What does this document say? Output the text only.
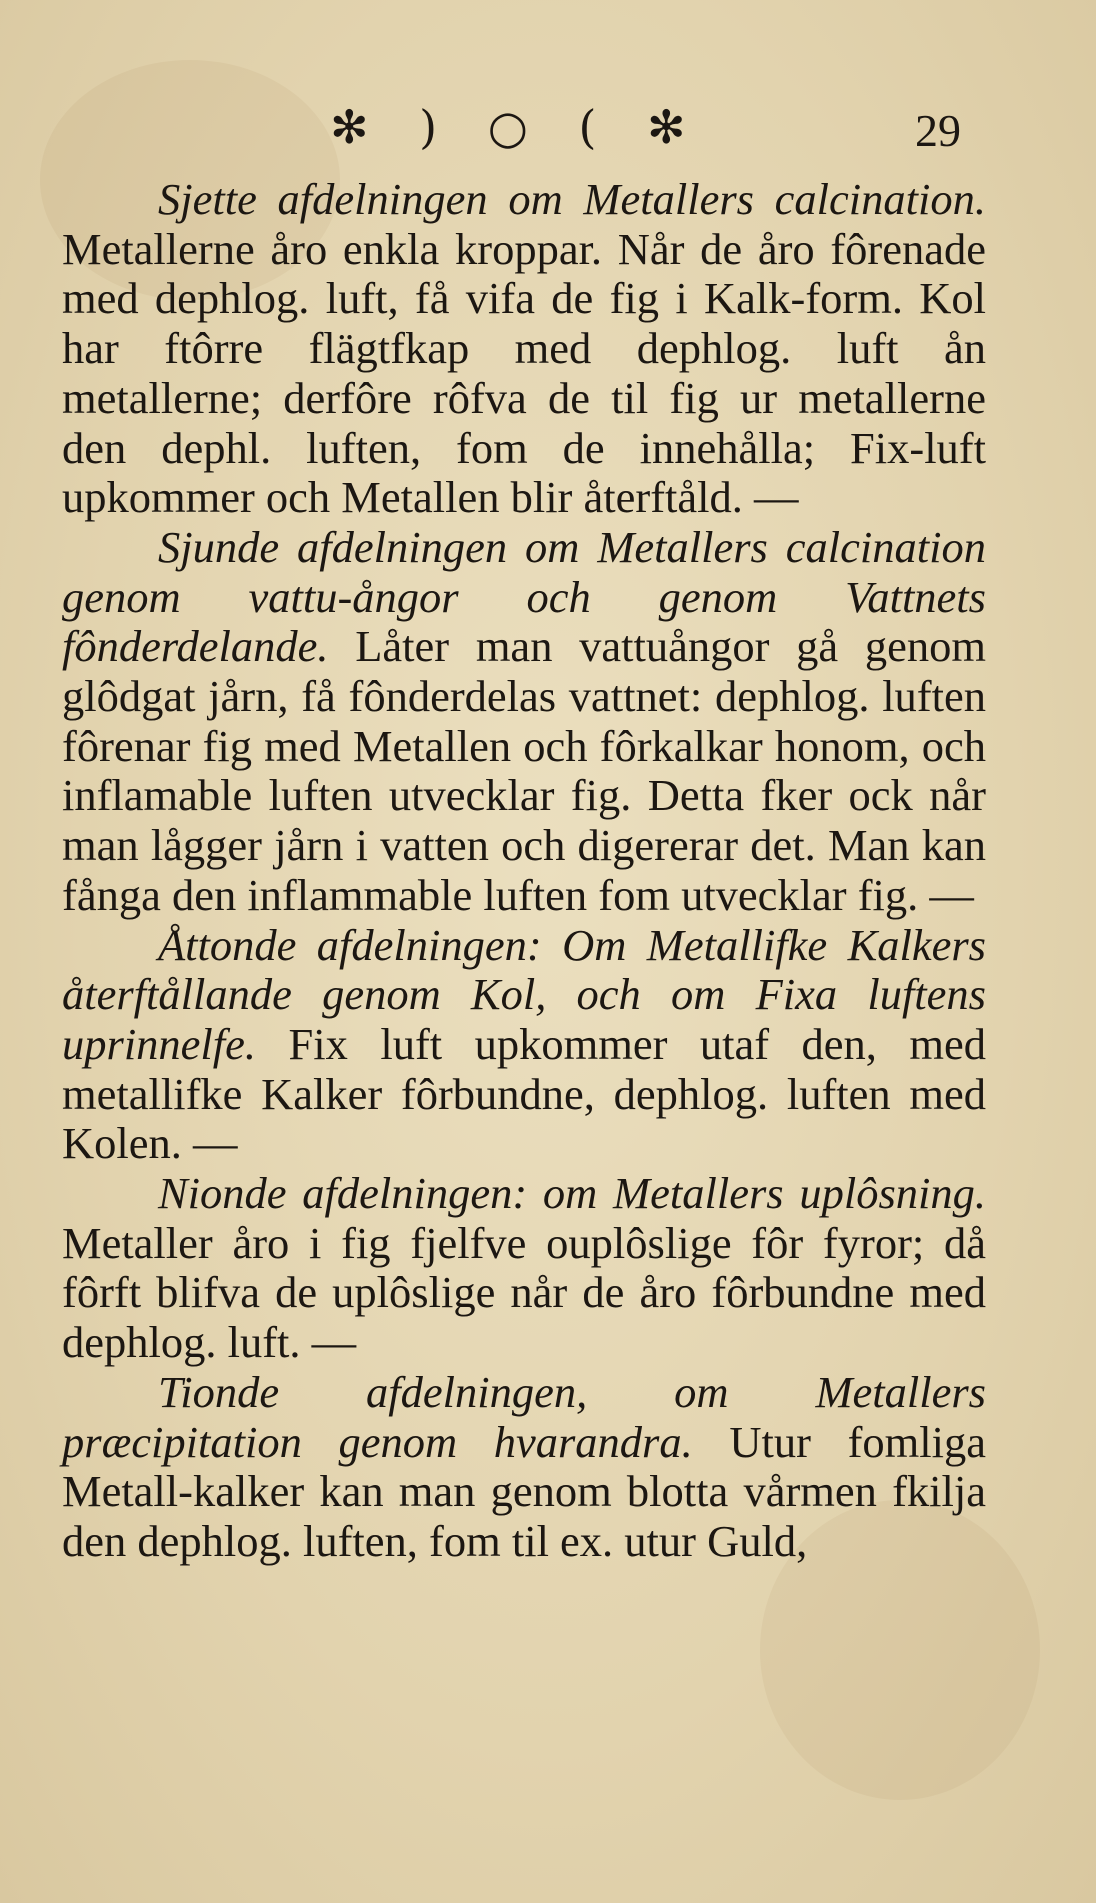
✻ ) ○ ( ✻	29

Sjette afdelningen om Metallers calcination. Metallerne åro enkla kroppar. Når de åro fôrenade med dephlog. luft, få vifa de fig i Kalk-form. Kol har ftôrre flägtfkap med dephlog. luft ån metallerne; derfôre rôfva de til fig ur metallerne den dephl. luften, fom de innehålla; Fix-luft upkommer och Metallen blir återftåld. —

Sjunde afdelningen om Metallers calcination genom vattu-ångor och genom Vattnets fônderdelande. Låter man vattuångor gå genom glôdgat jårn, få fônderdelas vattnet: dephlog. luften fôrenar fig med Metallen och fôrkalkar honom, och inflamable luften utvecklar fig. Detta fker ock når man lågger jårn i vatten och digererar det. Man kan fånga den inflammable luften fom utvecklar fig. —

Åttonde afdelningen: Om Metallifke Kalkers återftållande genom Kol, och om Fixa luftens uprinnelfe. Fix luft upkommer utaf den, med metallifke Kalker fôrbundne, dephlog. luften med Kolen. —

Nionde afdelningen: om Metallers uplôsning. Metaller åro i fig fjelfve ouplôslige fôr fyror; då fôrft blifva de uplôslige når de åro fôrbundne med dephlog. luft. —

Tionde afdelningen, om Metallers præcipitation genom hvarandra. Utur fomliga Metall-kalker kan man genom blotta vårmen fkilja den dephlog. luften, fom til ex. utur Guld,
